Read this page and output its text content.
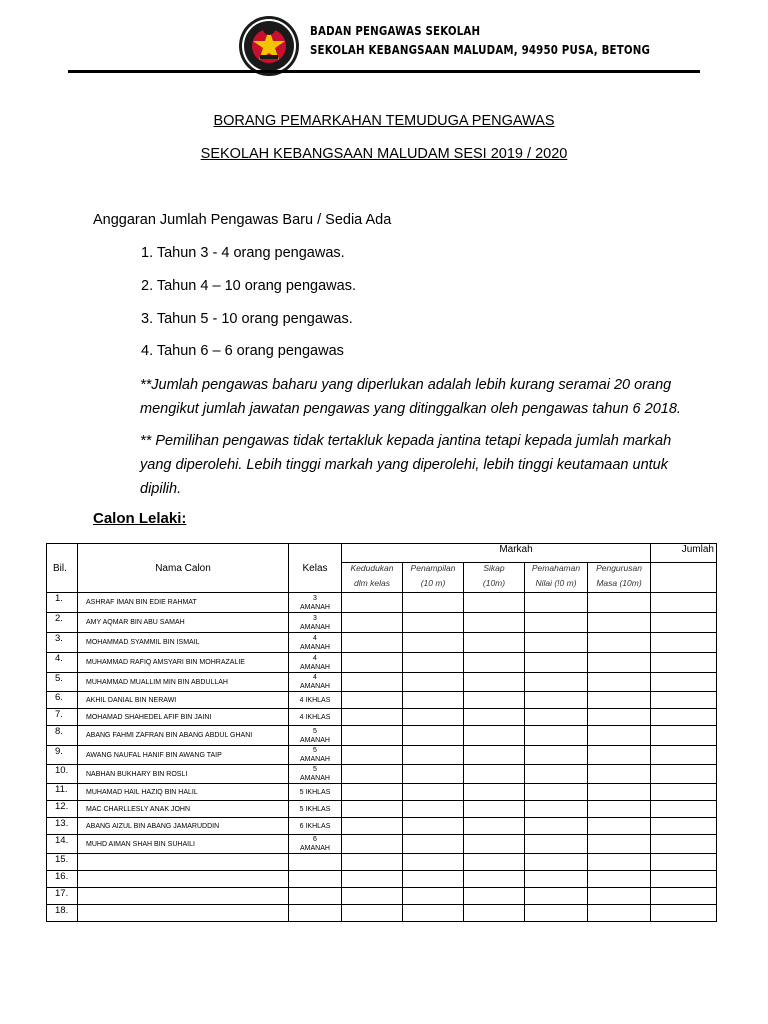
BADAN PENGAWAS SEKOLAH
SEKOLAH KEBANGSAAN MALUDAM, 94950 PUSA, BETONG
BORANG PEMARKAHAN TEMUDUGA PENGAWAS
SEKOLAH KEBANGSAAN MALUDAM SESI 2019 / 2020
Anggaran Jumlah Pengawas Baru / Sedia Ada
1. Tahun 3 - 4 orang pengawas.
2. Tahun 4 – 10 orang pengawas.
3. Tahun 5 - 10 orang pengawas.
4. Tahun 6 – 6 orang pengawas
**Jumlah pengawas baharu yang diperlukan adalah lebih kurang seramai 20 orang mengikut jumlah jawatan pengawas yang ditinggalkan oleh pengawas tahun 6 2018.
** Pemilihan pengawas tidak tertakluk kepada jantina tetapi kepada jumlah markah yang diperolehi. Lebih tinggi markah yang diperolehi, lebih tinggi keutamaan untuk dipilih.
Calon Lelaki:
Bil.	Nama Calon	Kelas	Markah					Jumlah
			Kedudukan	Penampilan	Sikap	Pemahaman	Pengurusan	
			dlm kelas	(10 m)	(10m)	Nilai (!0 m)	Masa (10m)	
1.	ASHRAF IMAN BIN EDIE RAHMAT	3
AMANAH						

2.	AMY AQMAR BIN ABU SAMAH	3
AMANAH						

3.	MOHAMMAD SYAMMIL BIN ISMAIL	4
AMANAH						

4.	MUHAMMAD RAFIQ AMSYARI BIN MOHRAZALIE	4
AMANAH						

5.	MUHAMMAD MUALLIM MIN BIN ABDULLAH	4
AMANAH						

6.	AKHIL DANIAL BIN NERAWI	4 IKHLAS						

7.	MOHAMAD SHAHEDEL AFIF BIN JAINI	4 IKHLAS						

8.	ABANG FAHMI ZAFRAN BIN ABANG ABDUL GHANI	5
AMANAH						

9.	AWANG NAUFAL HANIF BIN AWANG TAIP	5
AMANAH						

10.	NABHAN BUKHARY BIN ROSLI	5
AMANAH						

11.	MUHAMAD HAIL HAZIQ BIN HALIL	5 IKHLAS						

12.	MAC CHARLLESLY ANAK JOHN	5 IKHLAS						

13.	ABANG AIZUL BIN ABANG JAMARUDDIN	6 IKHLAS						

14.	MUHD AIMAN SHAH BIN SUHAILI	6
AMANAH						

15.		

16.		

17.		

18.		
